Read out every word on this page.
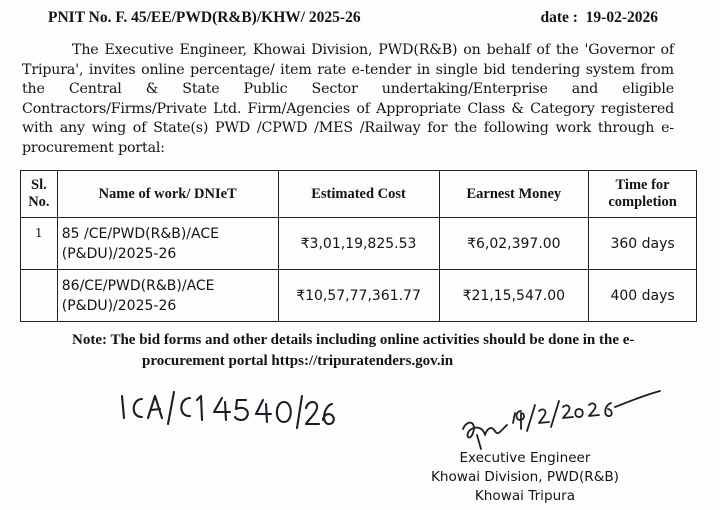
PNIT No. F. 45/EE/PWD(R&B)/KHW/ 2025-26	date :  19-02-2026

The Executive Engineer, Khowai Division, PWD(R&B) on behalf of the 'Governor of Tripura', invites online percentage/ item rate e-tender in single bid tendering system from the Central & State Public Sector undertaking/Enterprise and eligible Contractors/Firms/Private Ltd. Firm/Agencies of Appropriate Class & Category registered with any wing of State(s) PWD /CPWD /MES /Railway for the following work through e-procurement portal:

Sl. No.	Name of work/ DNIeT	Estimated Cost	Earnest Money	Time for completion
1	85 /CE/PWD(R&B)/ACE (P&DU)/2025-26	₹3,01,19,825.53	₹6,02,397.00	360 days
	86/CE/PWD(R&B)/ACE (P&DU)/2025-26	₹10,57,77,361.77	₹21,15,547.00	400 days
Note: The bid forms and other details including online activities should be done in the e-
procurement portal https://tripuratenders.gov.in
Executive Engineer
Khowai Division, PWD(R&B)
Khowai Tripura
